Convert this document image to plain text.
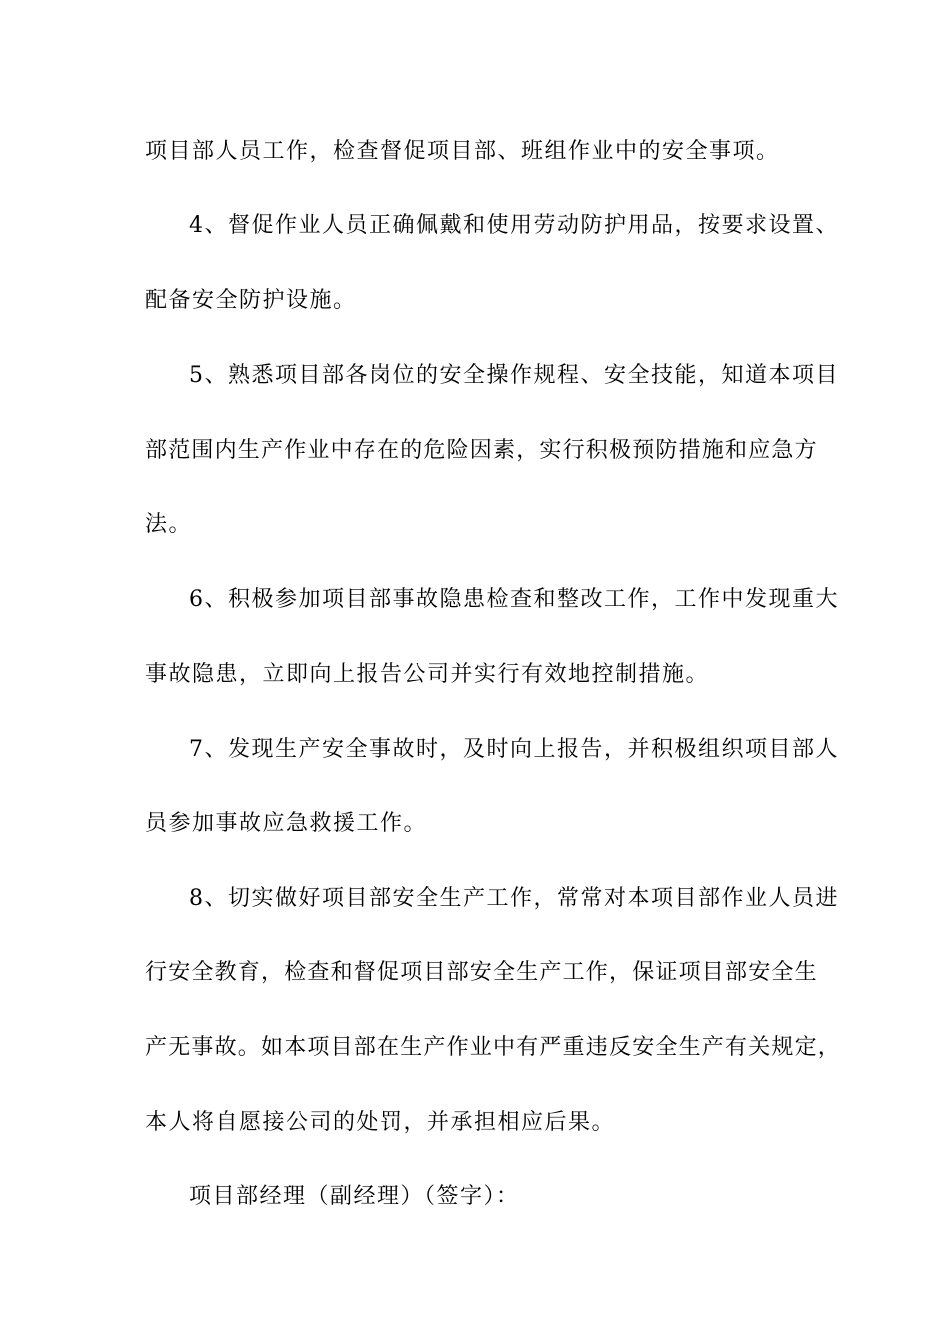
项目部人员工作，检查督促项目部、班组作业中的安全事项。
4、督促作业人员正确佩戴和使用劳动防护用品，按要求设置、
配备安全防护设施。
5、熟悉项目部各岗位的安全操作规程、安全技能，知道本项目
部范围内生产作业中存在的危险因素，实行积极预防措施和应急方
法。
6、积极参加项目部事故隐患检查和整改工作，工作中发现重大
事故隐患，立即向上报告公司并实行有效地控制措施。
7、发现生产安全事故时，及时向上报告，并积极组织项目部人
员参加事故应急救援工作。
8、切实做好项目部安全生产工作，常常对本项目部作业人员进
行安全教育，检查和督促项目部安全生产工作，保证项目部安全生
产无事故。如本项目部在生产作业中有严重违反安全生产有关规定，
本人将自愿接公司的处罚，并承担相应后果。
项目部经理（副经理）（签字）：
